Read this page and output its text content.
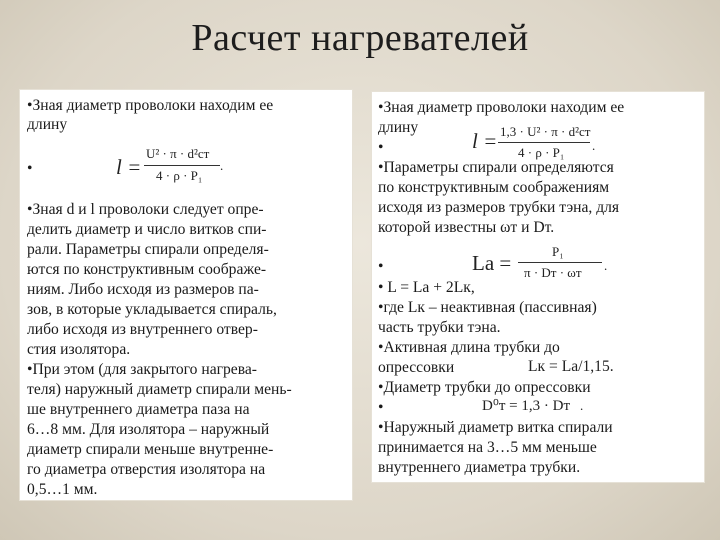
Расчет нагревателей
•Зная диаметр проволоки находим ее
длину
•	l =
U² · π · d²ст
4 · ρ · P₁
.
•Зная d и l проволоки следует опре-
делить диаметр и число витков спи-
рали. Параметры спирали определя-
ются по конструктивным соображе-
ниям. Либо исходя из размеров па-
зов, в которые укладывается спираль,
либо исходя из внутреннего отвер-
стия изолятора.
•При этом (для закрытого нагрева-
теля) наружный диаметр спирали мень-
ше внутреннего диаметра паза на
6…8 мм. Для изолятора – наружный
диаметр спирали меньше внутренне-
го диаметра отверстия изолятора на
0,5…1 мм.
•Зная диаметр проволоки находим ее
длину
•	l = 1,3 · U² · π · d²ст
4 · ρ · P₁ .
•Параметры спирали определяются
по конструктивным соображениям
исходя из размеров трубки тэна, для
которой известны ωт и Dт.
•	Lа =	P₁
π · Dт · ωт .
• L = Lа + 2Lк,
•где Lк – неактивная (пассивная)
часть трубки тэна.
•Активная длина трубки до
опрессовки	Lк = Lа/1,15.
•Диаметр трубки до опрессовки
•	D⁰т = 1,3 · Dт .
•Наружный диаметр витка спирали
принимается на 3…5 мм меньше
внутреннего диаметра трубки.
